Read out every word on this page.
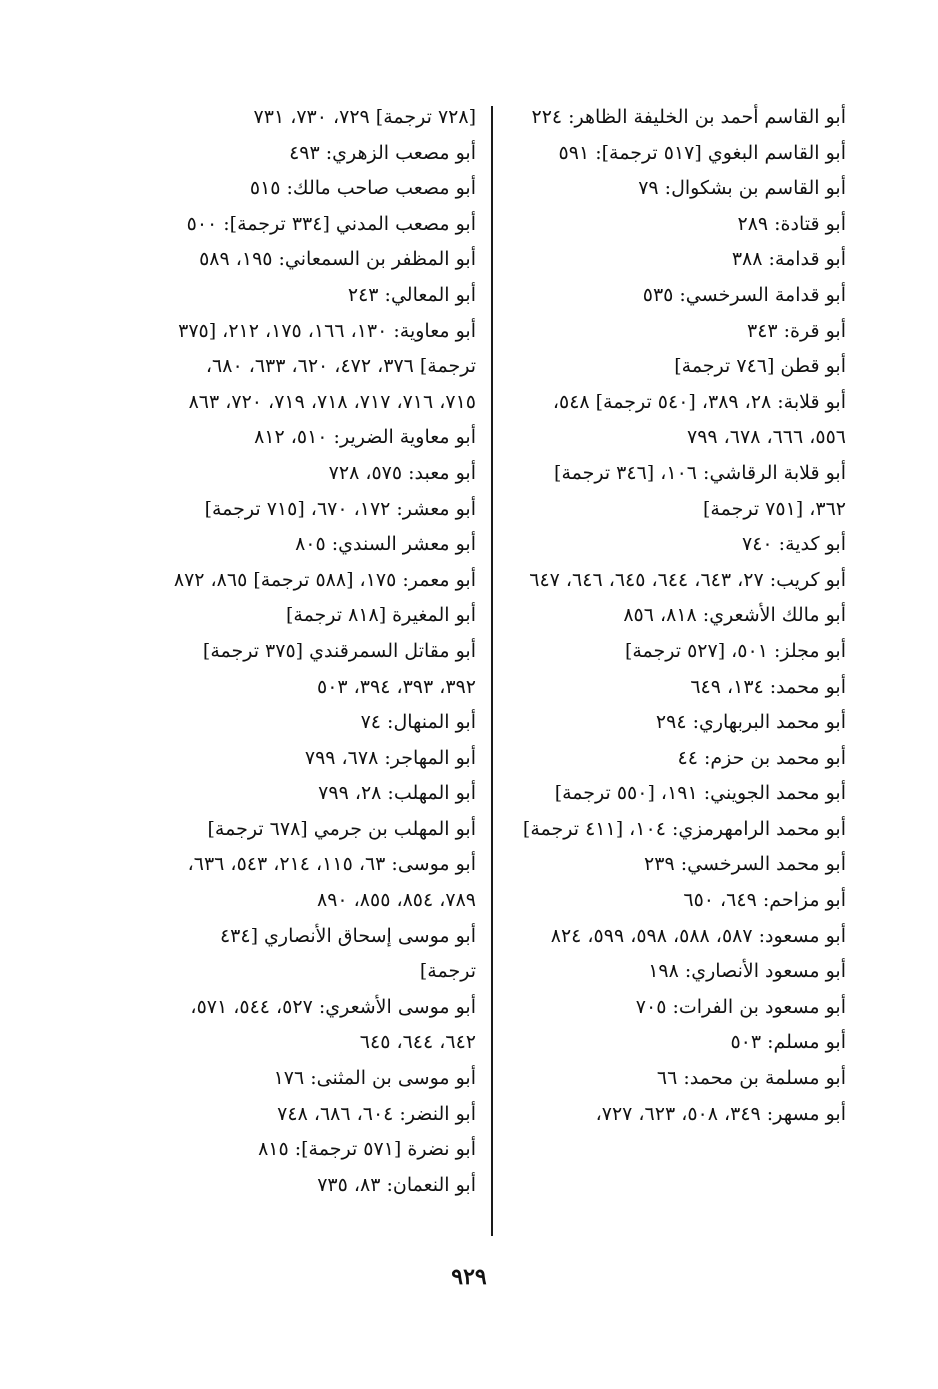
أبو القاسم أحمد بن الخليفة الظاهر: ٢٢٤
أبو القاسم البغوي [٥١٧ ترجمة]: ٥٩١
أبو القاسم بن بشكوال: ٧٩
أبو قتادة: ٢٨٩
أبو قدامة: ٣٨٨
أبو قدامة السرخسي: ٥٣٥
أبو قرة: ٣٤٣
أبو قطن [٧٤٦ ترجمة]
أبو قلابة: ٢٨، ٣٨٩، [٥٤٠ ترجمة] ٥٤٨، ٥٥٦، ٦٦٦، ٦٧٨، ٧٩٩
أبو قلابة الرقاشي: ١٠٦، [٣٤٦ ترجمة] ٣٦٢، [٧٥١ ترجمة]
أبو كدية: ٧٤٠
أبو كريب: ٢٧، ٦٤٣، ٦٤٤، ٦٤٥، ٦٤٦، ٦٤٧
أبو مالك الأشعري: ٨١٨، ٨٥٦
أبو مجلز: ٥٠١، [٥٢٧ ترجمة]
أبو محمد: ١٣٤، ٦٤٩
أبو محمد البربهاري: ٢٩٤
أبو محمد بن حزم: ٤٤
أبو محمد الجويني: ١٩١، [٥٥٠ ترجمة]
أبو محمد الرامهرمزي: ١٠٤، [٤١١ ترجمة]
أبو محمد السرخسي: ٢٣٩
أبو مزاحم: ٦٤٩، ٦٥٠
أبو مسعود: ٥٨٧، ٥٨٨، ٥٩٨، ٥٩٩، ٨٢٤
أبو مسعود الأنصاري: ١٩٨
أبو مسعود بن الفرات: ٧٠٥
أبو مسلم: ٥٠٣
أبو مسلمة بن محمد: ٦٦
أبو مسهر: ٣٤٩، ٥٠٨، ٦٢٣، ٧٢٧،
[٧٢٨ ترجمة] ٧٢٩، ٧٣٠، ٧٣١
أبو مصعب الزهري: ٤٩٣
أبو مصعب صاحب مالك: ٥١٥
أبو مصعب المدني [٣٣٤ ترجمة]: ٥٠٠
أبو المظفر بن السمعاني: ١٩٥، ٥٨٩
أبو المعالي: ٢٤٣
أبو معاوية: ١٣٠، ١٦٦، ١٧٥، ٢١٢، [٣٧٥ ترجمة] ٣٧٦، ٤٧٢، ٦٢٠، ٦٣٣، ٦٨٠، ٧١٥، ٧١٦، ٧١٧، ٧١٨، ٧١٩، ٧٢٠، ٨٦٣
أبو معاوية الضرير: ٥١٠، ٨١٢
أبو معبد: ٥٧٥، ٧٢٨
أبو معشر: ١٧٢، ٦٧٠، [٧١٥ ترجمة]
أبو معشر السندي: ٨٠٥
أبو معمر: ١٧٥، [٥٨٨ ترجمة] ٨٦٥، ٨٧٢
أبو المغيرة [٨١٨ ترجمة]
أبو مقاتل السمرقندي [٣٧٥ ترجمة] ٣٩٢، ٣٩٣، ٣٩٤، ٥٠٣
أبو المنهال: ٧٤
أبو المهاجر: ٦٧٨، ٧٩٩
أبو المهلب: ٢٨، ٧٩٩
أبو المهلب بن جرمي [٦٧٨ ترجمة]
أبو موسى: ٦٣، ١١٥، ٢١٤، ٥٤٣، ٦٣٦، ٧٨٩، ٨٥٤، ٨٥٥، ٨٩٠
أبو موسى إسحاق الأنصاري [٤٣٤ ترجمة]
أبو موسى الأشعري: ٥٢٧، ٥٤٤، ٥٧١، ٦٤٢، ٦٤٤، ٦٤٥
أبو موسى بن المثنى: ١٧٦
أبو النضر: ٦٠٤، ٦٨٦، ٧٤٨
أبو نضرة [٥٧١ ترجمة]: ٨١٥
أبو النعمان: ٨٣، ٧٣٥
٩٢٩
